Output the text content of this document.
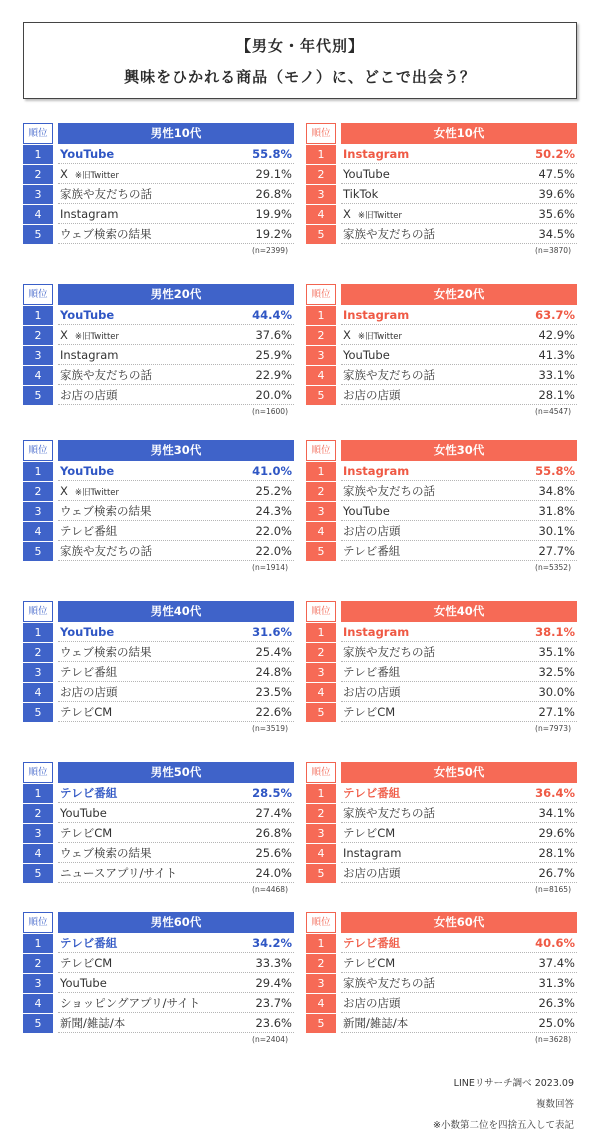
【男女・年代別】
興味をひかれる商品（モノ）に、どこで出会う？
順位	男性10代
1	YouTube	55.8%
2	X ※旧Twitter	29.1%
3	家族や友だちの話	26.8%
4	Instagram	19.9%
5	ウェブ検索の結果	19.2%
(n=2399)
順位	女性10代
1	Instagram	50.2%
2	YouTube	47.5%
3	TikTok	39.6%
4	X ※旧Twitter	35.6%
5	家族や友だちの話	34.5%
(n=3870)
順位	男性20代
1	YouTube	44.4%
2	X ※旧Twitter	37.6%
3	Instagram	25.9%
4	家族や友だちの話	22.9%
5	お店の店頭	20.0%
(n=1600)
順位	女性20代
1	Instagram	63.7%
2	X ※旧Twitter	42.9%
3	YouTube	41.3%
4	家族や友だちの話	33.1%
5	お店の店頭	28.1%
(n=4547)
順位	男性30代
1	YouTube	41.0%
2	X ※旧Twitter	25.2%
3	ウェブ検索の結果	24.3%
4	テレビ番組	22.0%
5	家族や友だちの話	22.0%
(n=1914)
順位	女性30代
1	Instagram	55.8%
2	家族や友だちの話	34.8%
3	YouTube	31.8%
4	お店の店頭	30.1%
5	テレビ番組	27.7%
(n=5352)
順位	男性40代
1	YouTube	31.6%
2	ウェブ検索の結果	25.4%
3	テレビ番組	24.8%
4	お店の店頭	23.5%
5	テレビCM	22.6%
(n=3519)
順位	女性40代
1	Instagram	38.1%
2	家族や友だちの話	35.1%
3	テレビ番組	32.5%
4	お店の店頭	30.0%
5	テレビCM	27.1%
(n=7973)
順位	男性50代
1	テレビ番組	28.5%
2	YouTube	27.4%
3	テレビCM	26.8%
4	ウェブ検索の結果	25.6%
5	ニュースアプリ/サイト	24.0%
(n=4468)
順位	女性50代
1	テレビ番組	36.4%
2	家族や友だちの話	34.1%
3	テレビCM	29.6%
4	Instagram	28.1%
5	お店の店頭	26.7%
(n=8165)
順位	男性60代
1	テレビ番組	34.2%
2	テレビCM	33.3%
3	YouTube	29.4%
4	ショッピングアプリ/サイト	23.7%
5	新聞/雑誌/本	23.6%
(n=2404)
順位	女性60代
1	テレビ番組	40.6%
2	テレビCM	37.4%
3	家族や友だちの話	31.3%
4	お店の店頭	26.3%
5	新聞/雑誌/本	25.0%
(n=3628)
LINEリサーチ調べ 2023.09
複数回答
※小数第二位を四捨五入して表記
